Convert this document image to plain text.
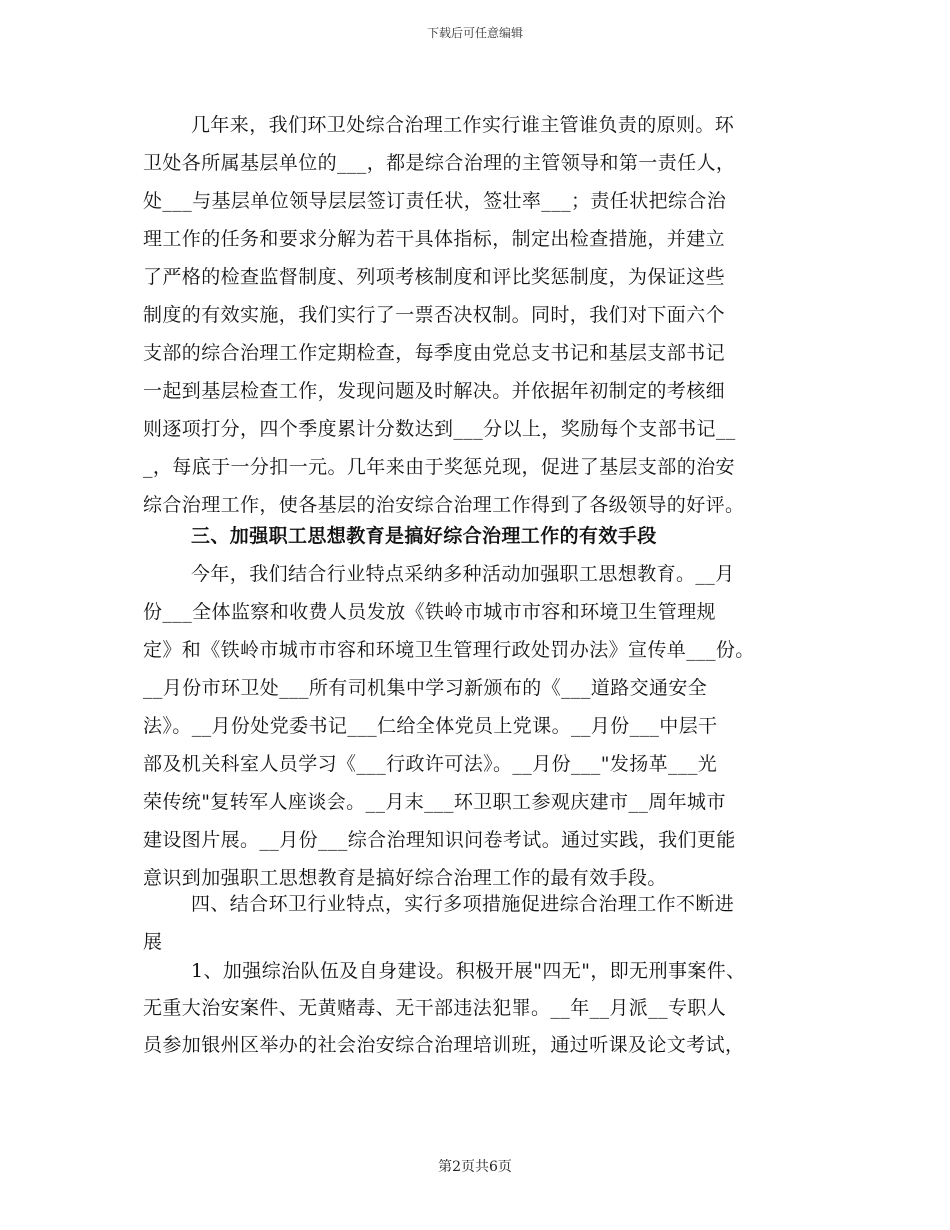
下载后可任意编辑
几年来，我们环卫处综合治理工作实行谁主管谁负责的原则。环
卫处各所属基层单位的___，都是综合治理的主管领导和第一责任人，
处___与基层单位领导层层签订责任状，签壮率___；责任状把综合治
理工作的任务和要求分解为若干具体指标，制定出检查措施，并建立
了严格的检查监督制度、列项考核制度和评比奖惩制度，为保证这些
制度的有效实施，我们实行了一票否决权制。同时，我们对下面六个
支部的综合治理工作定期检查，每季度由党总支书记和基层支部书记
一起到基层检查工作，发现问题及时解决。并依据年初制定的考核细
则逐项打分，四个季度累计分数达到___分以上，奖励每个支部书记__
_，每底于一分扣一元。几年来由于奖惩兑现，促进了基层支部的治安
综合治理工作，使各基层的治安综合治理工作得到了各级领导的好评。
三、加强职工思想教育是搞好综合治理工作的有效手段
今年，我们结合行业特点采纳多种活动加强职工思想教育。__月
份___全体监察和收费人员发放《铁岭市城市市容和环境卫生管理规
定》和《铁岭市城市市容和环境卫生管理行政处罚办法》宣传单___份。
__月份市环卫处___所有司机集中学习新颁布的《___道路交通安全
法》。__月份处党委书记___仁给全体党员上党课。__月份___中层干
部及机关科室人员学习《___行政许可法》。__月份___"发扬革___光
荣传统"复转军人座谈会。__月末___环卫职工参观庆建市__周年城市
建设图片展。__月份___综合治理知识问卷考试。通过实践，我们更能
意识到加强职工思想教育是搞好综合治理工作的最有效手段。
四、结合环卫行业特点，实行多项措施促进综合治理工作不断进
展
1、加强综治队伍及自身建设。积极开展"四无"，即无刑事案件、
无重大治安案件、无黄赌毒、无干部违法犯罪。__年__月派__专职人
员参加银州区举办的社会治安综合治理培训班，通过听课及论文考试，
第2页共6页
